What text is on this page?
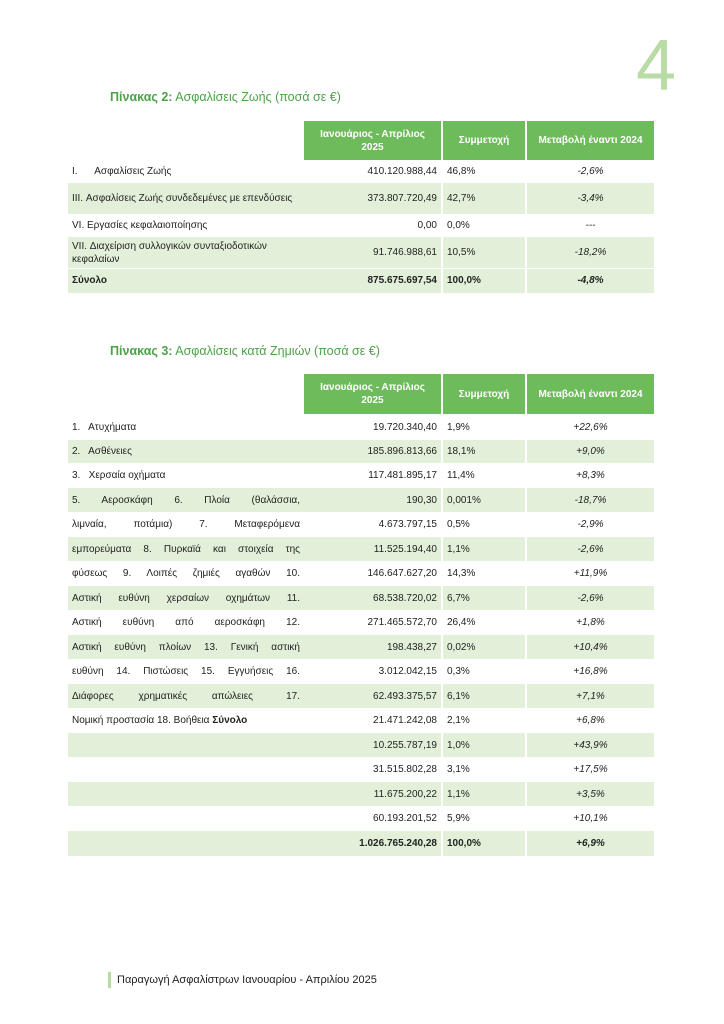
4
Πίνακας 2: Ασφαλίσεις Ζωής (ποσά σε €)
	Ιανουάριος - Απρίλιος 2025	Συμμετοχή	Μεταβολή έναντι 2024
I.      Ασφαλίσεις Ζωής	410.120.988,44	46,8%	-2,6%
III. Ασφαλίσεις Ζωής συνδεδεμένες με επενδύσεις	373.807.720,49	42,7%	-3,4%
VI. Εργασίες κεφαλαιοποίησης	0,00	0,0%	---
VII. Διαχείριση συλλογικών συνταξιοδοτικών κεφαλαίων	91.746.988,61	10,5%	-18,2%
Σύνολο	875.675.697,54	100,0%	-4,8%
Πίνακας 3: Ασφαλίσεις κατά Ζημιών (ποσά σε €)
	Ιανουάριος - Απρίλιος 2025	Συμμετοχή	Μεταβολή έναντι 2024
1.   Ατυχήματα	19.720.340,40	1,9%	+22,6%
2.   Ασθένειες	185.896.813,66	18,1%	+9,0%
3.   Χερσαία οχήματα	117.481.895,17	11,4%	+8,3%
5.   Αεροσκάφη   6.   Πλοία   (θαλάσσια,	190,30	0,001%	-18,7%
λιμναία,   ποτάμια)   7.   Μεταφερόμενα	4.673.797,15	0,5%	-2,9%
εμπορεύματα 8. Πυρκαϊά και στοιχεία της	11.525.194,40	1,1%	-2,6%
φύσεως  9.  Λοιπές  ζημιές  αγαθών  10.	146.647.627,20	14,3%	+11,9%
Αστική  ευθύνη  χερσαίων  οχημάτων  11.	68.538.720,02	6,7%	-2,6%
Αστική   ευθύνη   από   αεροσκάφη   12.	271.465.572,70	26,4%	+1,8%
Αστική ευθύνη πλοίων 13. Γενική αστική	198.438,27	0,02%	+10,4%
ευθύνη  14.  Πιστώσεις  15.  Εγγυήσεις  16.	3.012.042,15	0,3%	+16,8%
Διάφορες   χρηματικές   απώλειες    17.	62.493.375,57	6,1%	+7,1%
Νομική προστασία 18. Βοήθεια Σύνολο	21.471.242,08	2,1%	+6,8%
	10.255.787,19	1,0%	+43,9%
	31.515.802,28	3,1%	+17,5%
	11.675.200,22	1,1%	+3,5%
	60.193.201,52	5,9%	+10,1%
	1.026.765.240,28	100,0%	+6,9%
Παραγωγή Ασφαλίστρων Ιανουαρίου - Απριλίου 2025
